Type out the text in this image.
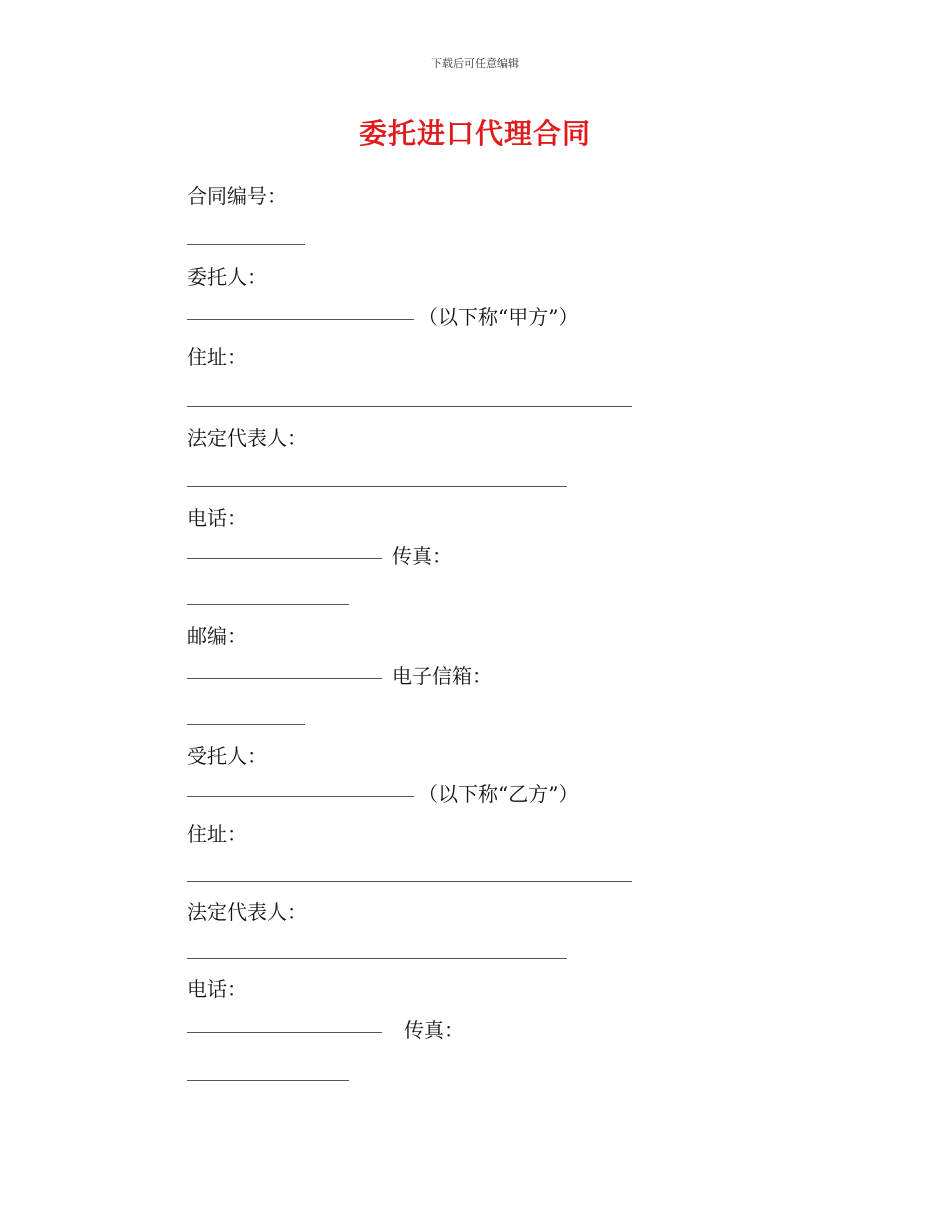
下载后可任意编辑
委托进口代理合同
合同编号：
委托人：
（以下称“甲方”）
住址：
法定代表人：
电话：
传真：
邮编：
电子信箱：
受托人：
（以下称“乙方”）
住址：
法定代表人：
电话：
传真：
